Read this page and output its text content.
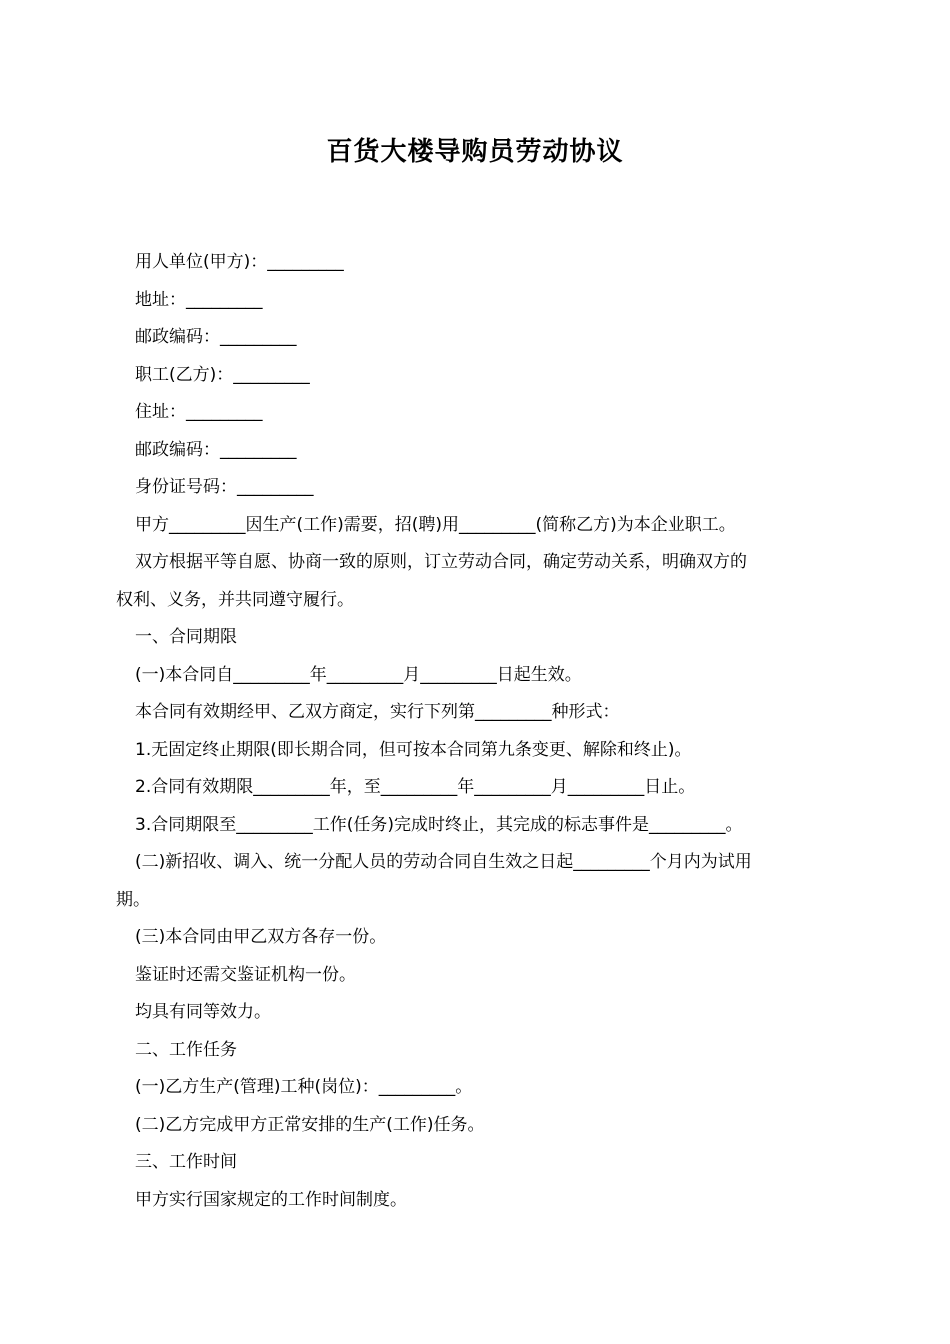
百货大楼导购员劳动协议

用人单位(甲方)：_________

地址：_________

邮政编码：_________

职工(乙方)：_________

住址：_________

邮政编码：_________

身份证号码：_________

甲方_________因生产(工作)需要，招(聘)用_________(简称乙方)为本企业职工。

双方根据平等自愿、协商一致的原则，订立劳动合同，确定劳动关系，明确双方的

权利、义务，并共同遵守履行。

一、合同期限

(一)本合同自_________年_________月_________日起生效。

本合同有效期经甲、乙双方商定，实行下列第_________种形式：

1.无固定终止期限(即长期合同，但可按本合同第九条变更、解除和终止)。

2.合同有效期限_________年，至_________年_________月_________日止。

3.合同期限至_________工作(任务)完成时终止，其完成的标志事件是_________。

(二)新招收、调入、统一分配人员的劳动合同自生效之日起_________个月内为试用

期。

(三)本合同由甲乙双方各存一份。

鉴证时还需交鉴证机构一份。

均具有同等效力。

二、工作任务

(一)乙方生产(管理)工种(岗位)：_________。

(二)乙方完成甲方正常安排的生产(工作)任务。

三、工作时间

甲方实行国家规定的工作时间制度。
